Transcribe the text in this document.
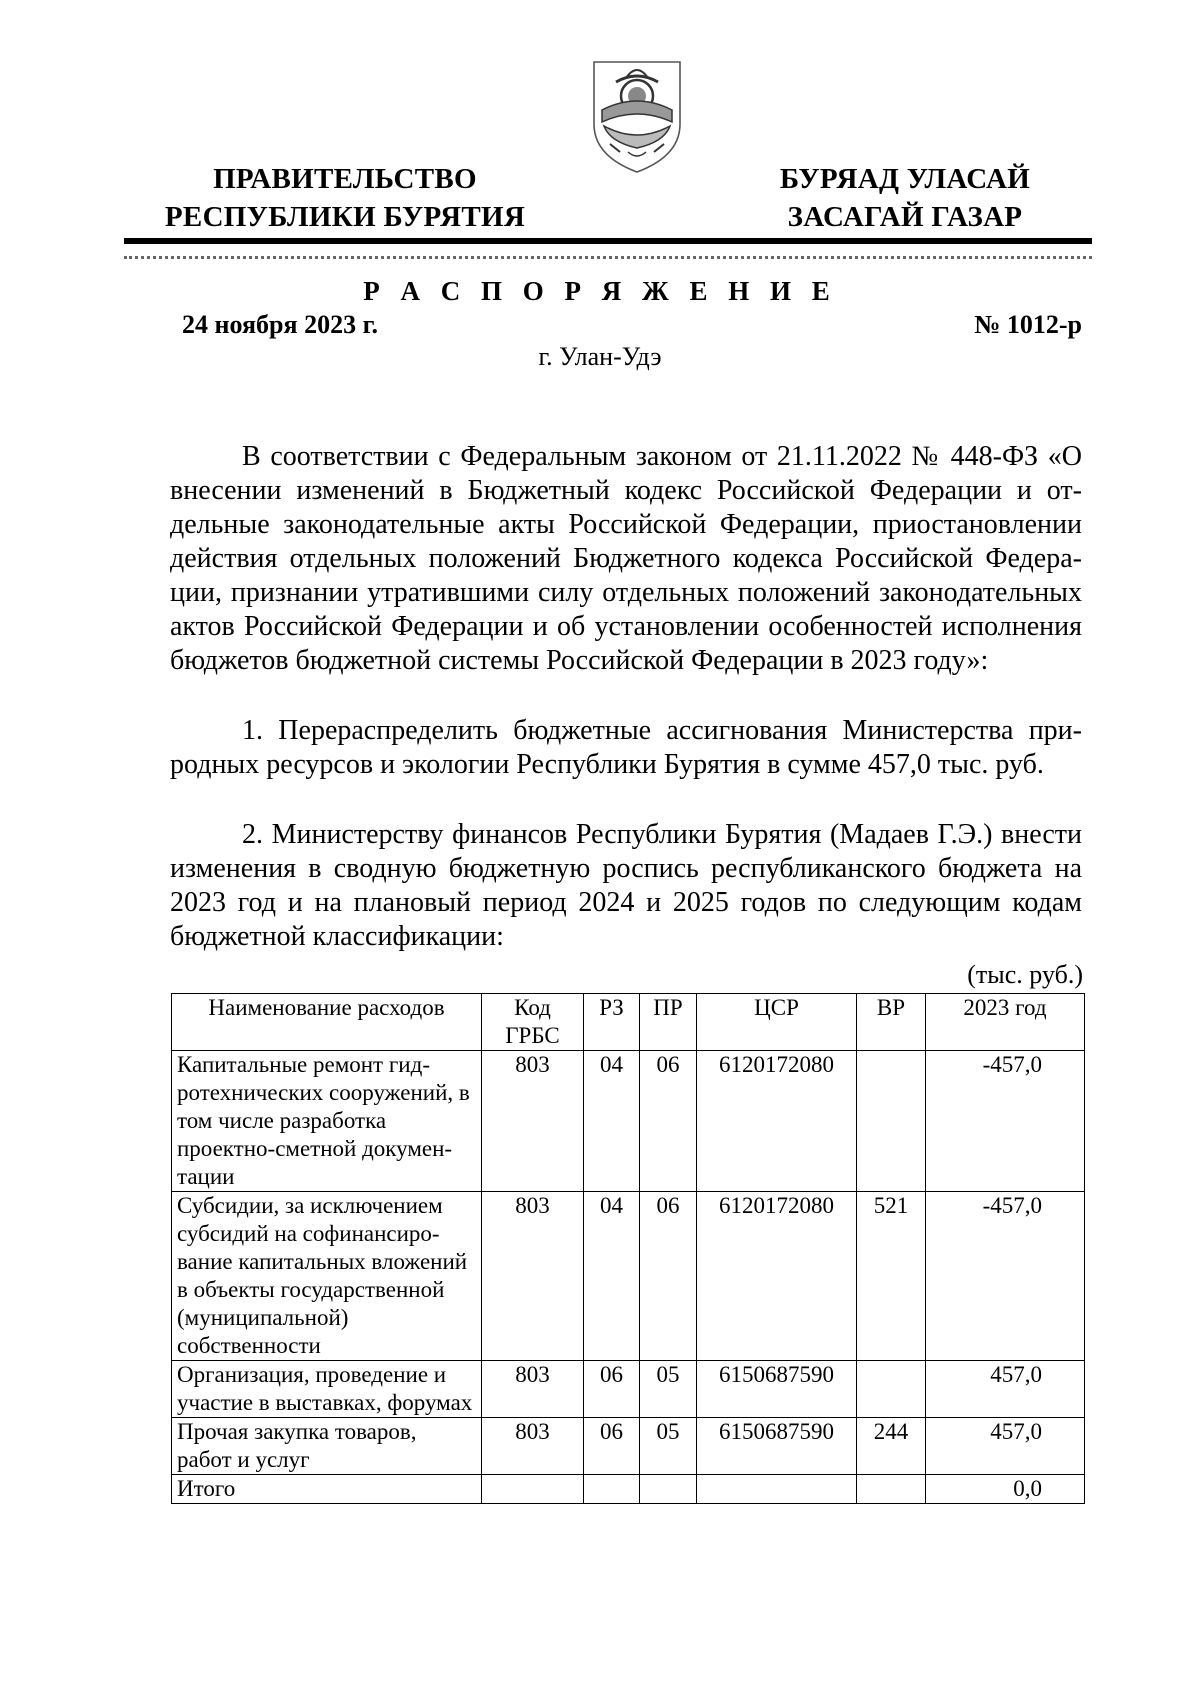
ПРАВИТЕЛЬСТВО
РЕСПУБЛИКИ БУРЯТИЯ
БУРЯАД УЛАСАЙ
ЗАСАГАЙ ГАЗАР
Р А С П О Р Я Ж Е Н И Е
24 ноября 2023 г.	№ 1012-р
г. Улан-Удэ

В соответствии с Федеральным законом от 21.11.2022 № 448-ФЗ «О внесении изменений в Бюджетный кодекс Российской Федерации и отдельные законодательные акты Российской Федерации, приостановлении действия отдельных положений Бюджетного кодекса Российской Федерации, признании утратившими силу отдельных положений законодательных актов Российской Федерации и об установлении особенностей исполнения бюджетов бюджетной системы Российской Федерации в 2023 году»:

1. Перераспределить бюджетные ассигнования Министерства природных ресурсов и экологии Республики Бурятия в сумме 457,0 тыс. руб.

2. Министерству финансов Республики Бурятия (Мадаев Г.Э.) внести изменения в сводную бюджетную роспись республиканского бюджета на 2023 год и на плановый период 2024 и 2025 годов по следующим кодам бюджетной классификации:

(тыс. руб.)
Наименование расходов	Код ГРБС	РЗ	ПР	ЦСР	ВР	2023 год
Капитальные ремонт гидротехнических сооружений, в том числе разработка проектно-сметной документации	803	04	06	6120172080		-457,0
Субсидии, за исключением субсидий на софинансирование капитальных вложений в объекты государственной (муниципальной) собственности	803	04	06	6120172080	521	-457,0
Организация, проведение и участие в выставках, форумах	803	06	05	6150687590		457,0
Прочая закупка товаров, работ и услуг	803	06	05	6150687590	244	457,0
Итого						0,0
